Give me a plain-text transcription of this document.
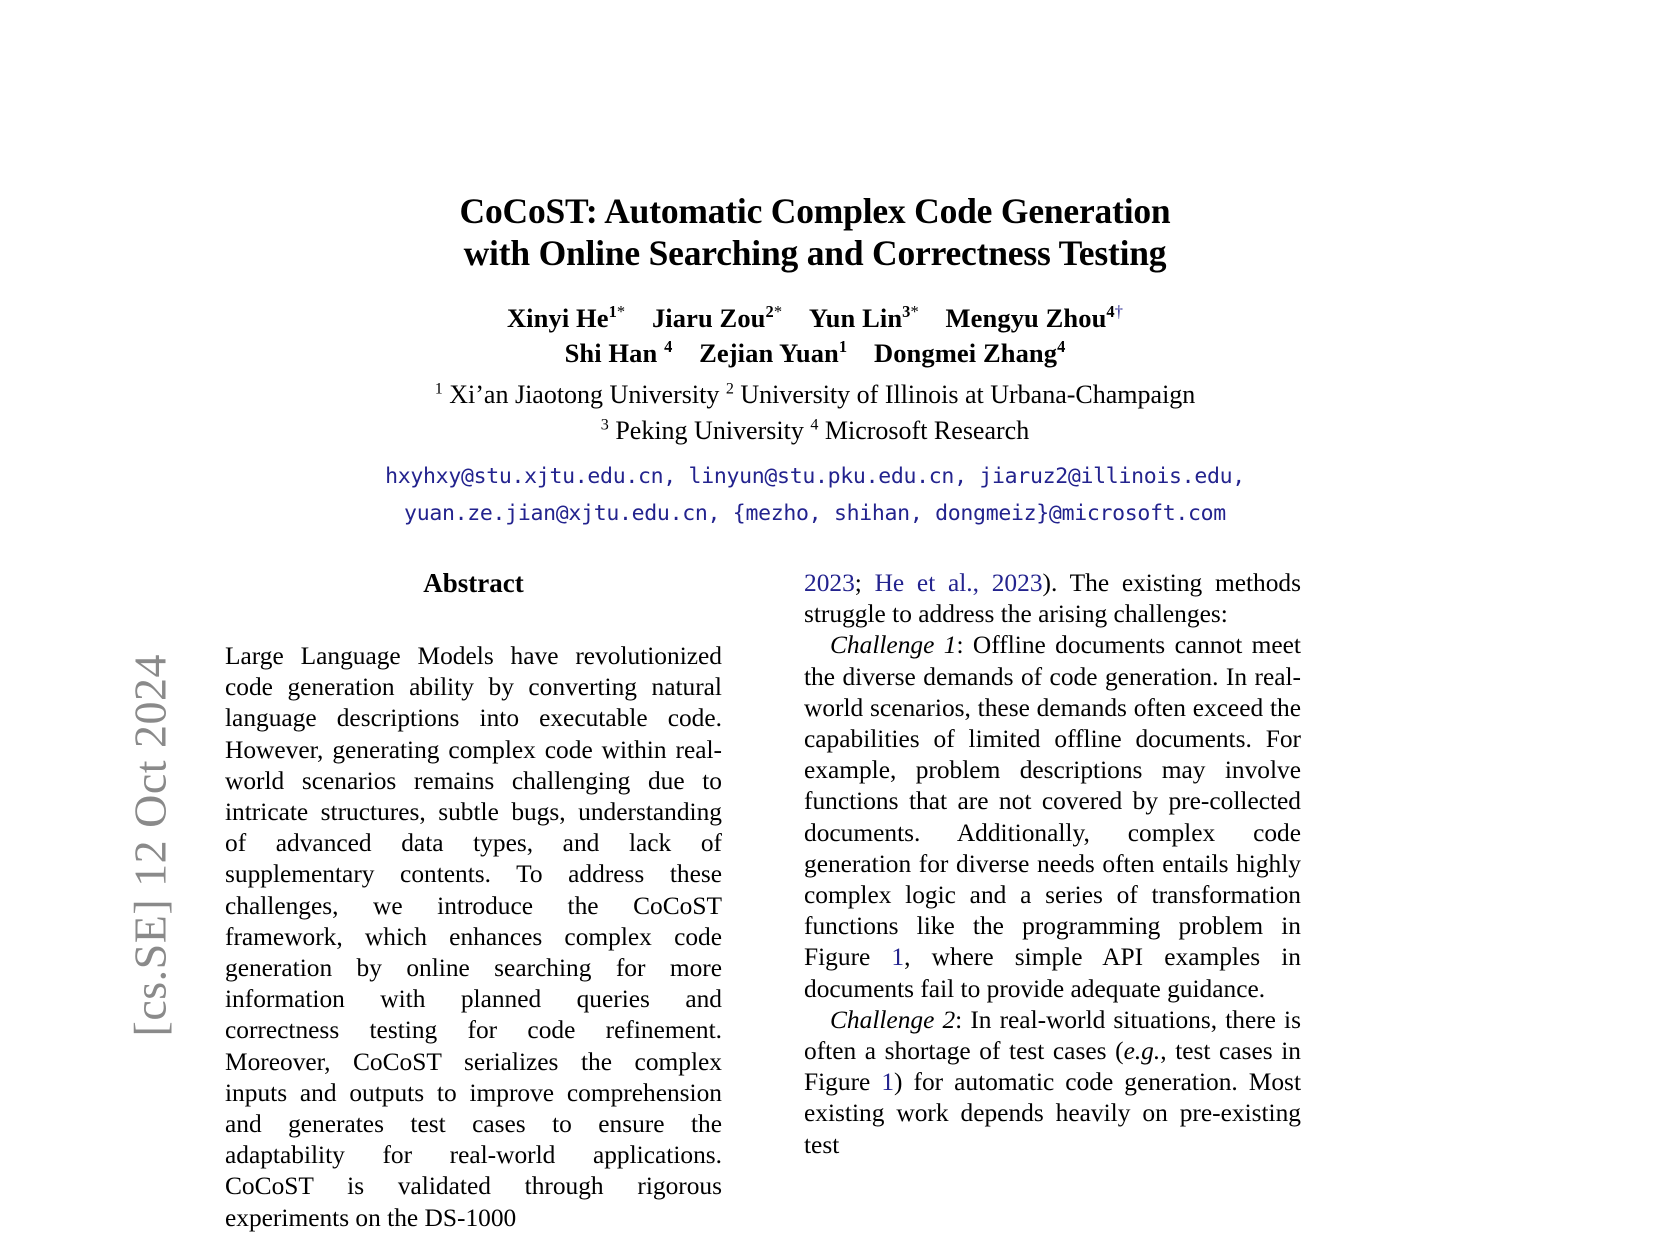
[cs.SE] 12 Oct 2024
CoCoST: Automatic Complex Code Generation
with Online Searching and Correctness Testing
Xinyi $He^{1*}$ Jiaru Zou$^{2*}$ Yun Lin$^{3*}$ Mengyu Zhou$^{4\dagger}$
Shi Han $^4$ Zejian Yuan$^1$ Dongmei Zhang$^4$
$^1$ Xi’an Jiaotong University $^2$ University of Illinois at Urbana-Champaign
$^3$ Peking University $^4$ Microsoft Research
hxyhxy@stu.xjtu.edu.cn, linyun@stu.pku.edu.cn, jiaruz2@illinois.edu,
yuan.ze.jian@xjtu.edu.cn, {mezho, shihan, dongmeiz}@microsoft.com
Abstract

Large Language Models have revolutionized code generation ability by converting natural language descriptions into executable code. However, generating complex code within real-world scenarios remains challenging due to intricate structures, subtle bugs, understanding of advanced data types, and lack of supplementary contents. To address these challenges, we introduce the CoCoST framework, which enhances complex code generation by online searching for more information with planned queries and correctness testing for code refinement. Moreover, CoCoST serializes the complex inputs and outputs to improve comprehension and generates test cases to ensure the adaptability for real-world applications. CoCoST is validated through rigorous experiments on the DS-1000

2023; He et al., 2023). The existing methods struggle to address the arising challenges:

Challenge 1: Offline documents cannot meet the diverse demands of code generation. In real-world scenarios, these demands often exceed the capabilities of limited offline documents. For example, problem descriptions may involve functions that are not covered by pre-collected documents. Additionally, complex code generation for diverse needs often entails highly complex logic and a series of transformation functions like the programming problem in Figure 1, where simple API examples in documents fail to provide adequate guidance.

Challenge 2: In real-world situations, there is often a shortage of test cases (e.g., test cases in Figure 1) for automatic code generation. Most existing work depends heavily on pre-existing test
